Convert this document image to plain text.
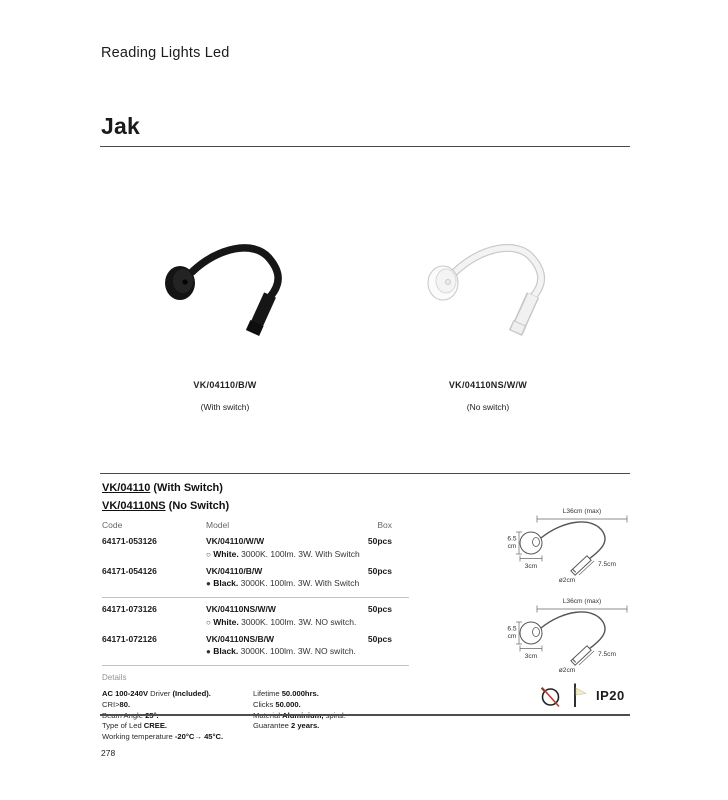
Reading Lights Led
Jak
VK/04110/B/W
(With switch)
VK/04110NS/W/W
(No switch)
VK/04110 (With Switch)
VK/04110NS (No Switch)
Code	Model	Box
64171-053126	VK/04110/W/W
○ White. 3000K. 100lm. 3W. With Switch
50pcs
64171-054126	VK/04110/B/W
● Black. 3000K. 100lm. 3W. With Switch
50pcs
64171-073126	VK/04110NS/W/W
○ White. 3000K. 100lm. 3W. NO switch.
50pcs
64171-072126	VK/04110NS/B/W
● Black. 3000K. 100lm. 3W. NO switch.
50pcs
Details
AC 100-240V Driver (Included).
CRI>80.
Beam Angle 25°.
Type of Led CREE.
Working temperature -20°C→ 45°C.
Lifetime 50.000hrs.
Clicks 50.000.
Material Aluminium, spiral.
Guarantee 2 years.
L36cm (max)
6.5
cm
3cm	7.5cm
ø2cm
L36cm (max)
6.5
cm
3cm	7.5cm
ø2cm
IP20
278
